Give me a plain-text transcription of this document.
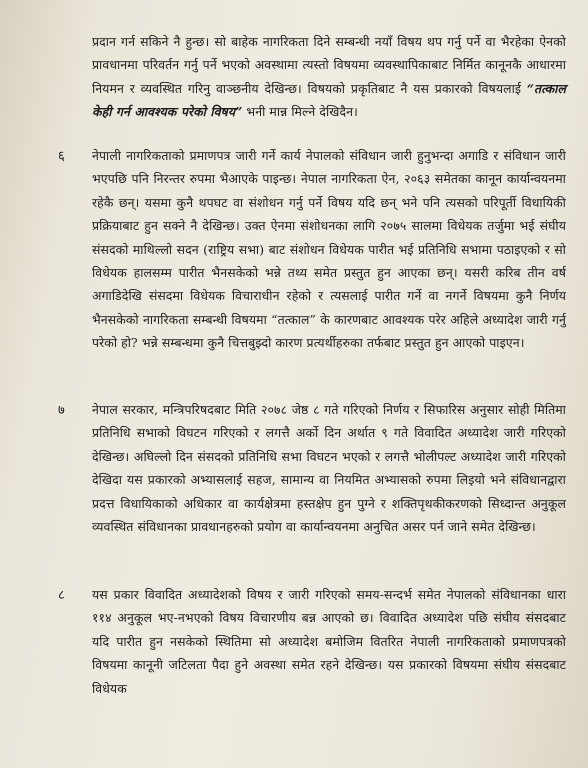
प्रदान गर्न सकिने नै हुन्छ। सो बाहेक नागरिकता दिने सम्बन्धी नयाँ विषय थप गर्नु पर्ने वा भैरहेका ऐनको प्रावधानमा परिवर्तन गर्नु पर्ने भएको अवस्थामा त्यस्तो विषयमा व्यवस्थापिकाबाट निर्मित कानूनकै आधारमा नियमन र व्यवस्थित गरिनु वाञ्छनीय देखिन्छ। विषयको प्रकृतिबाट नै यस प्रकारको विषयलाई “तत्काल केही गर्न आवश्यक परेको विषय” भनी मान्न मिल्ने देखिदैन।
६ नेपाली नागरिकताको प्रमाणपत्र जारी गर्ने कार्य नेपालको संविधान जारी हुनुभन्दा अगाडि र संविधान जारी भएपछि पनि निरन्तर रुपमा भैआएके पाइन्छ। नेपाल नागरिकता ऐन, २०६३ समेतका कानून कार्यान्वयनमा रहेकै छन्। यसमा कुनै थपघट वा संशोधन गर्नु पर्ने विषय यदि छन् भने पनि त्यसको परिपूर्ती विधायिकी प्रक्रियाबाट हुन सक्ने नै देखिन्छ। उक्त ऐनमा संशोधनका लागि २०७५ सालमा विधेयक तर्जुमा भई संघीय संसदको माथिल्लो सदन (राष्ट्रिय सभा) बाट संशोधन विधेयक पारीत भई प्रतिनिधि सभामा पठाइएको र सो विधेयक हालसम्म पारीत भैनसकेको भन्ने तथ्य समेत प्रस्तुत हुन आएका छन्। यसरी करिब तीन वर्ष अगाडिदेखि संसदमा विधेयक विचाराधीन रहेको र त्यसलाई पारीत गर्ने वा नगर्ने विषयमा कुनै निर्णय भैनसकेको नागरिकता सम्बन्धी विषयमा “तत्काल” के कारणबाट आवश्यक परेर अहिले अध्यादेश जारी गर्नु परेको हो? भन्ने सम्बन्धमा कुनै चित्तबुझ्दो कारण प्रत्यर्थीहरुका तर्फबाट प्रस्तुत हुन आएको पाइएन।
७ नेपाल सरकार, मन्त्रिपरिषदबाट मिति २०७८ जेष्ठ ८ गते गरिएको निर्णय र सिफारिस अनुसार सोही मितिमा प्रतिनिधि सभाको विघटन गरिएको र लगत्तै अर्को दिन अर्थात ९ गते विवादित अध्यादेश जारी गरिएको देखिन्छ। अघिल्लो दिन संसदको प्रतिनिधि सभा विघटन भएको र लगत्तै भोलीपल्ट अध्यादेश जारी गरिएको देखिदा यस प्रकारको अभ्यासलाई सहज, सामान्य वा नियमित अभ्यासको रुपमा लिइयो भने संविधानद्वारा प्रदत्त विधायिकाको अधिकार वा कार्यक्षेत्रमा हस्तक्षेप हुन पुग्ने र शक्तिपृथकीकरणको सिध्दान्त अनुकूल व्यवस्थित संविधानका प्रावधानहरुको प्रयोग वा कार्यान्वयनमा अनुचित असर पर्न जाने समेत देखिन्छ।
८ यस प्रकार विवादित अध्यादेशको विषय र जारी गरिएको समय-सन्दर्भ समेत नेपालको संविधानका धारा ११४ अनुकूल भए-नभएको विषय विचारणीय बन्न आएको छ। विवादित अध्यादेश पछि संघीय संसदबाट यदि पारीत हुन नसकेको स्थितिमा सो अध्यादेश बमोजिम वितरित नेपाली नागरिकताको प्रमाणपत्रको विषयमा कानूनी जटिलता पैदा हुने अवस्था समेत रहने देखिन्छ। यस प्रकारको विषयमा संघीय संसदबाट विधेयक
